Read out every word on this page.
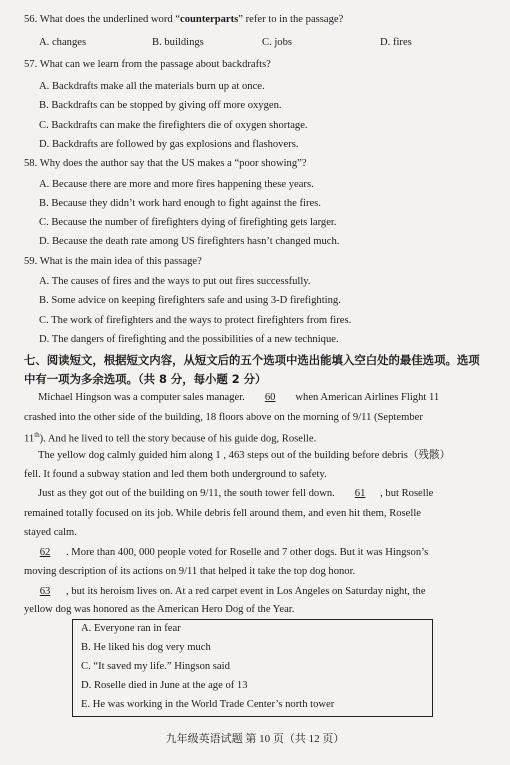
56. What does the underlined word “counterparts” refer to in the passage?
A. changes	B. buildings	C. jobs	D. fires
57. What can we learn from the passage about backdrafts?
A. Backdrafts make all the materials burn up at once.
B. Backdrafts can be stopped by giving off more oxygen.
C. Backdrafts can make the firefighters die of oxygen shortage.
D. Backdrafts are followed by gas explosions and flashovers.
58. Why does the author say that the US makes a “poor showing”?
A. Because there are more and more fires happening these years.
B. Because they didn’t work hard enough to fight against the fires.
C. Because the number of firefighters dying of firefighting gets larger.
D. Because the death rate among US firefighters hasn’t changed much.
59. What is the main idea of this passage?
A. The causes of fires and the ways to put out fires successfully.
B. Some advice on keeping firefighters safe and using 3-D firefighting.
C. The work of firefighters and the ways to protect firefighters from fires.
D. The dangers of firefighting and the possibilities of a new technique.
七、阅读短文，根据短文内容，从短文后的五个选项中选出能填入空白处的最佳选项。选项
中有一项为多余选项。（共 8 分，每小题 2 分）
Michael Hingson was a computer sales manager. 60 when American Airlines Flight 11
crashed into the other side of the building, 18 floors above on the morning of 9/11 (September
11th). And he lived to tell the story because of his guide dog, Roselle.
The yellow dog calmly guided him along 1 , 463 steps out of the building before debris（残骸）
fell. It found a subway station and led them both underground to safety.
Just as they got out of the building on 9/11, the south tower fell down. 61 , but Roselle
remained totally focused on its job. While debris fell around them, and even hit them, Roselle
stayed calm.
62 . More than 400, 000 people voted for Roselle and 7 other dogs. But it was Hingson’s
moving description of its actions on 9/11 that helped it take the top dog honor.
63 , but its heroism lives on. At a red carpet event in Los Angeles on Saturday night, the
yellow dog was honored as the American Hero Dog of the Year.
A. Everyone ran in fear
B. He liked his dog very much
C. “It saved my life.” Hingson said
D. Roselle died in June at the age of 13
E. He was working in the World Trade Center’s north tower
九年级英语试题 第 10 页（共 12 页）
